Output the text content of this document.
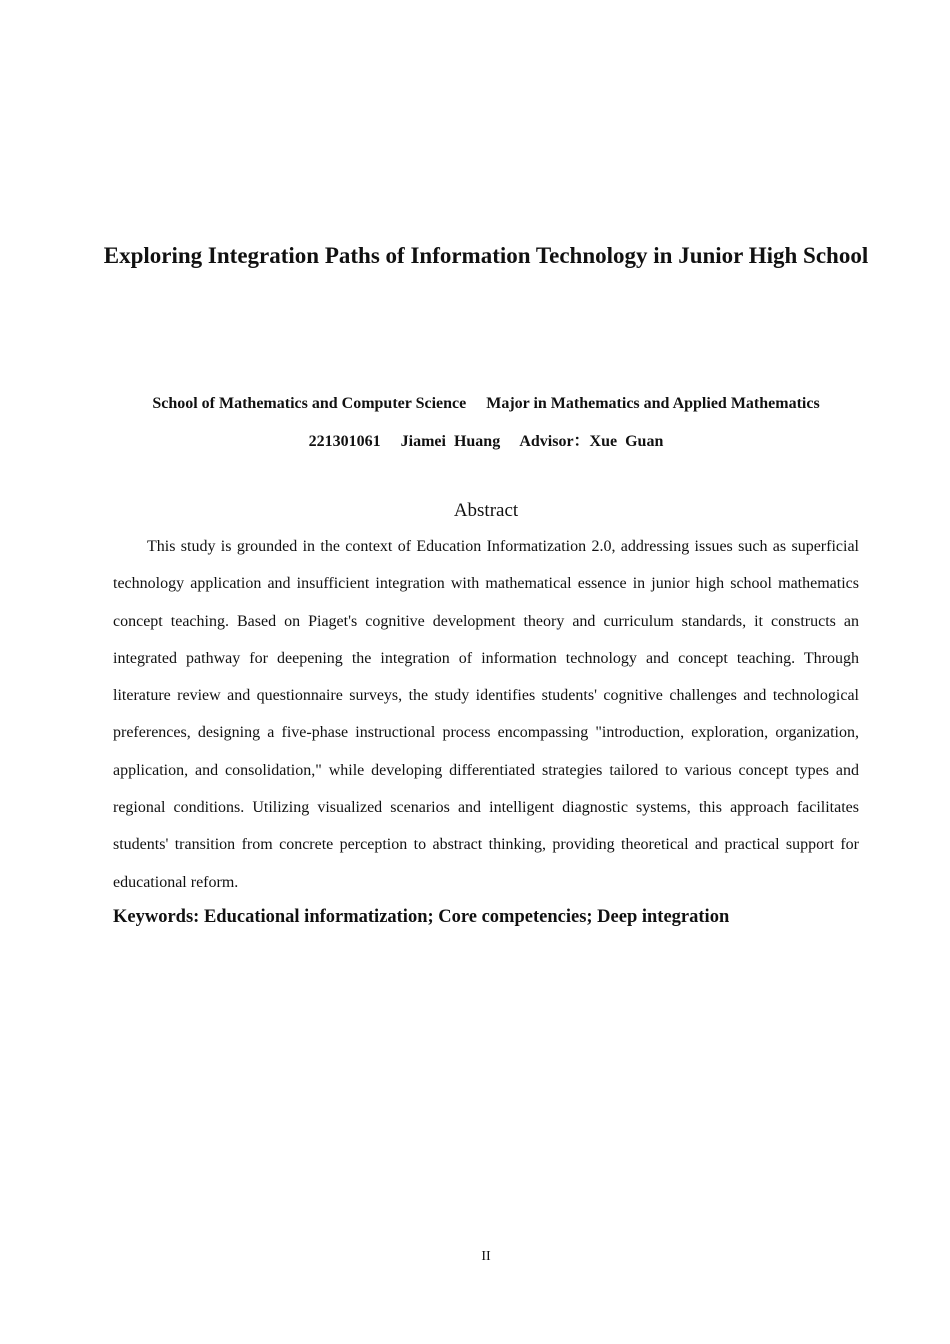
Exploring Integration Paths of Information Technology in Junior High School
School of Mathematics and Computer Science　 Major in Mathematics and Applied Mathematics
221301061　 Jiamei  Huang　 Advisor：Xue  Guan
Abstract

This study is grounded in the context of Education Informatization 2.0, addressing issues such as superficial technology application and insufficient integration with mathematical essence in junior high school mathematics concept teaching. Based on Piaget's cognitive development theory and curriculum standards, it constructs an integrated pathway for deepening the integration of information technology and concept teaching. Through literature review and questionnaire surveys, the study identifies students' cognitive challenges and technological preferences, designing a five-phase instructional process encompassing "introduction, exploration, organization, application, and consolidation," while developing differentiated strategies tailored to various concept types and regional conditions. Utilizing visualized scenarios and intelligent diagnostic systems, this approach facilitates students' transition from concrete perception to abstract thinking, providing theoretical and practical support for educational reform.

Keywords: Educational informatization; Core competencies; Deep integration
II
